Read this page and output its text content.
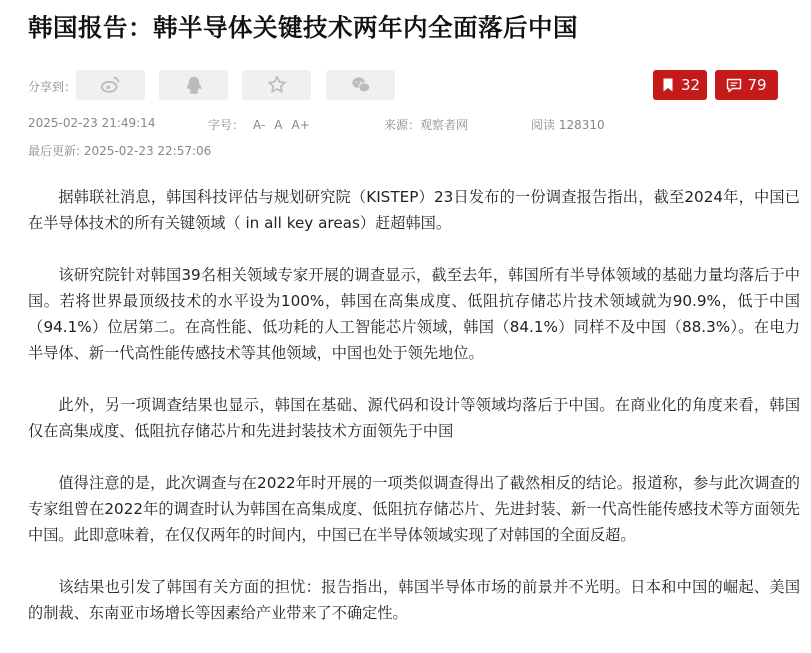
韩国报告：韩半导体关键技术两年内全面落后中国
分享到：	32	79
2025-02-23 21:49:14	字号： A- A A+	来源：观察者网	阅读 128310
最后更新: 2025-02-23 22:57:06

据韩联社消息，韩国科技评估与规划研究院（KISTEP）23日发布的一份调查报告指出，截至2024年，中国已在半导体技术的所有关键领域（ in all key areas）赶超韩国。

该研究院针对韩国39名相关领域专家开展的调查显示，截至去年，韩国所有半导体领域的基础力量均落后于中国。若将世界最顶级技术的水平设为100%，韩国在高集成度、低阻抗存储芯片技术领域就为90.9%，低于中国（94.1%）位居第二。在高性能、低功耗的人工智能芯片领域，韩国（84.1%）同样不及中国（88.3%）。在电力半导体、新一代高性能传感技术等其他领域，中国也处于领先地位。

此外，另一项调查结果也显示，韩国在基础、源代码和设计等领域均落后于中国。在商业化的角度来看，韩国仅在高集成度、低阻抗存储芯片和先进封装技术方面领先于中国

值得注意的是，此次调查与在2022年时开展的一项类似调查得出了截然相反的结论。报道称，参与此次调查的专家组曾在2022年的调查时认为韩国在高集成度、低阻抗存储芯片、先进封装、新一代高性能传感技术等方面领先中国。此即意味着，在仅仅两年的时间内，中国已在半导体领域实现了对韩国的全面反超。

该结果也引发了韩国有关方面的担忧：报告指出，韩国半导体市场的前景并不光明。日本和中国的崛起、美国的制裁、东南亚市场增长等因素给产业带来了不确定性。
